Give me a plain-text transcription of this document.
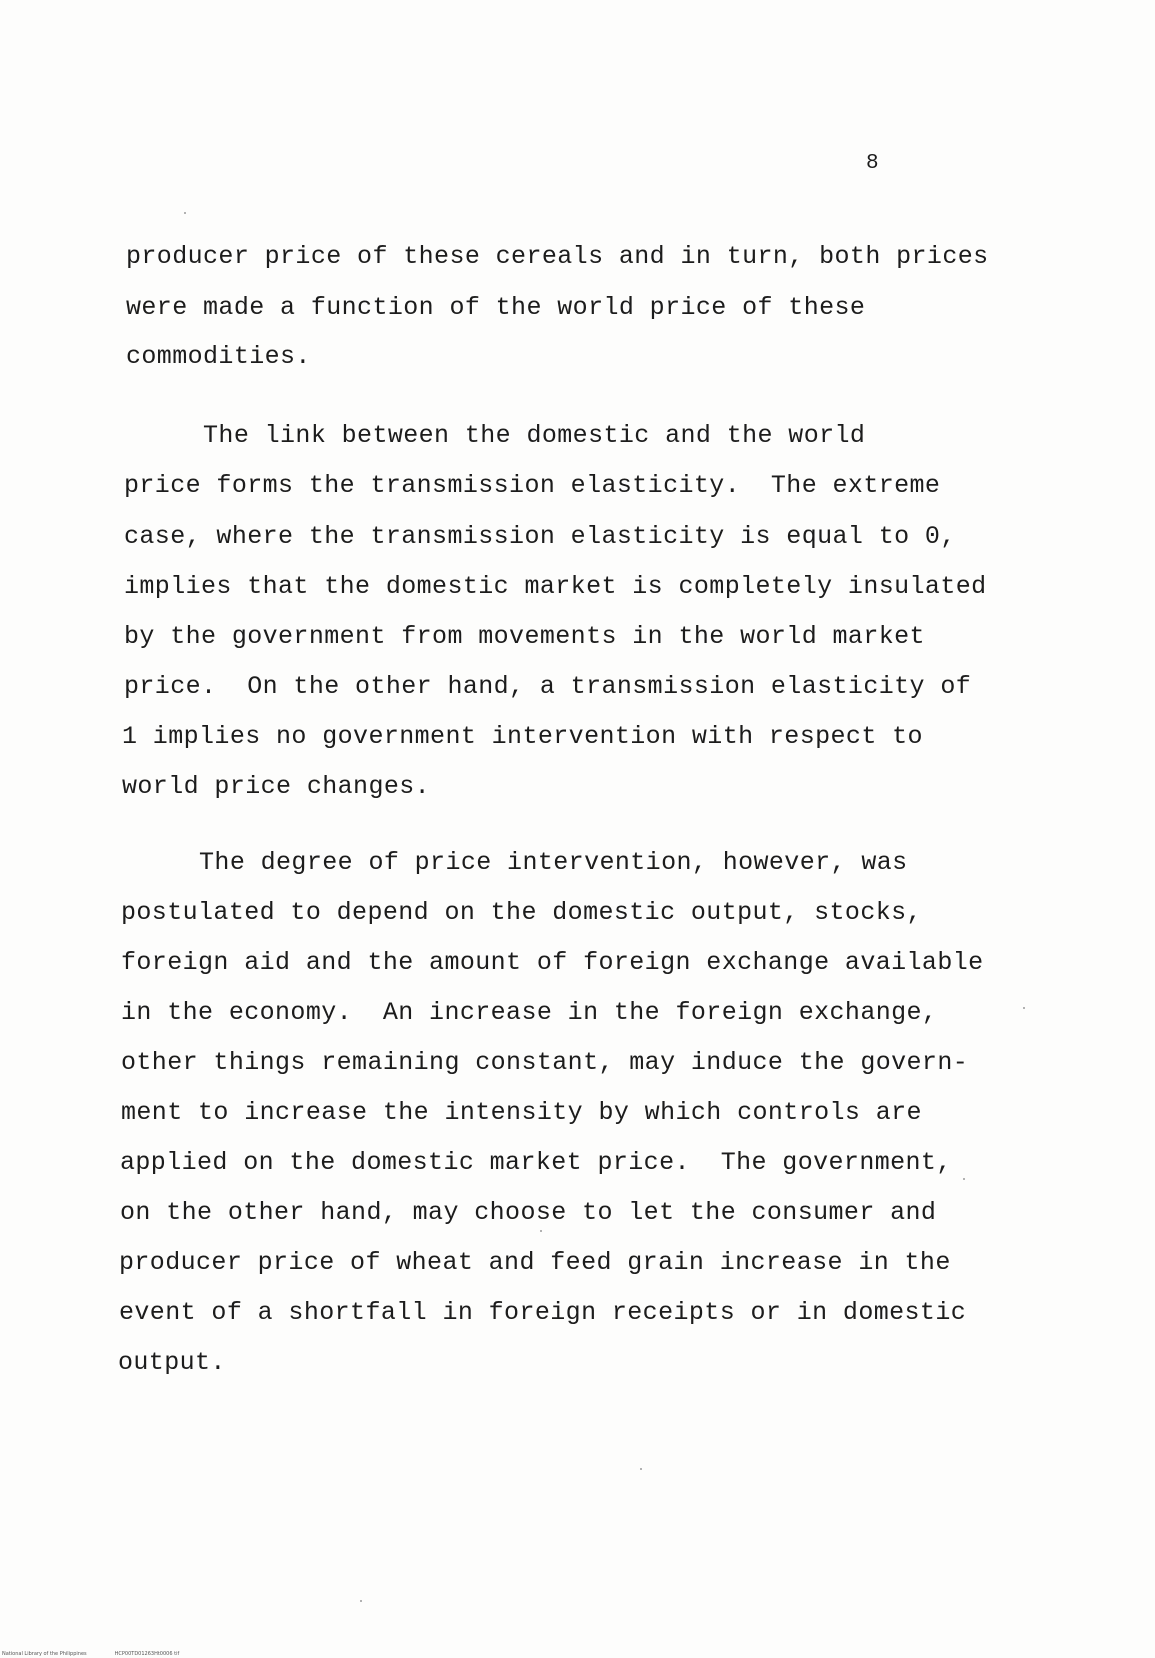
8
producer price of these cereals and in turn, both prices
were made a function of the world price of these
commodities.
The link between the domestic and the world
price forms the transmission elasticity.  The extreme
case, where the transmission elasticity is equal to 0,
implies that the domestic market is completely insulated
by the government from movements in the world market
price.  On the other hand, a transmission elasticity of
1 implies no government intervention with respect to
world price changes.
The degree of price intervention, however, was
postulated to depend on the domestic output, stocks,
foreign aid and the amount of foreign exchange available
in the economy.  An increase in the foreign exchange,
other things remaining constant, may induce the govern-
ment to increase the intensity by which controls are
applied on the domestic market price.  The government,
on the other hand, may choose to let the consumer and
producer price of wheat and feed grain increase in the
event of a shortfall in foreign receipts or in domestic
output.
National Library of the Philippines	HCP00TD01263Ht0006 tif
